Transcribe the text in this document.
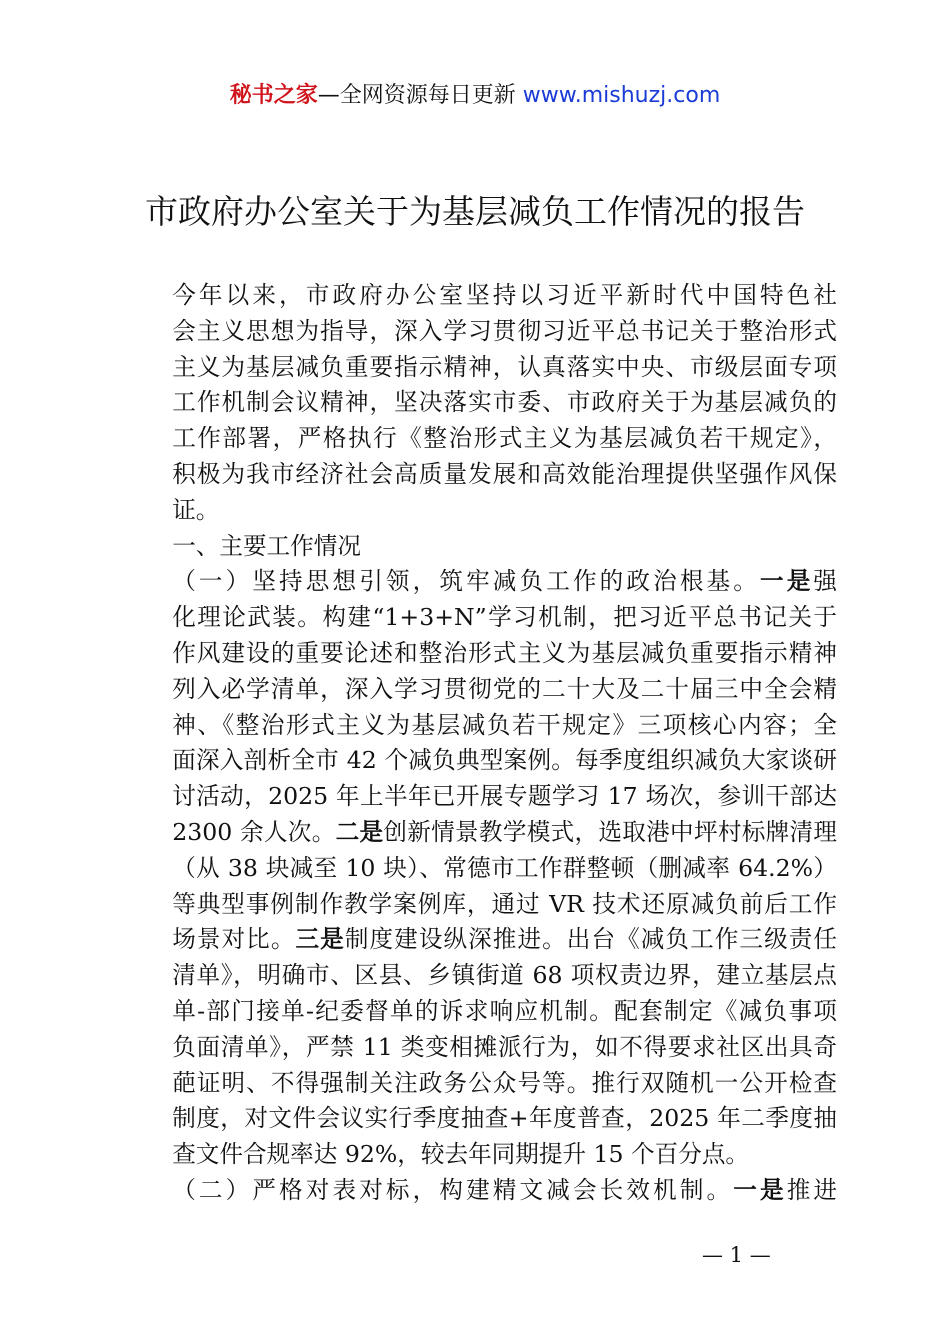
秘书之家—全网资源每日更新 www.mishuzj.com
市政府办公室关于为基层减负工作情况的报告

今年以来，市政府办公室坚持以习近平新时代中国特色社
会主义思想为指导，深入学习贯彻习近平总书记关于整治形式
主义为基层减负重要指示精神，认真落实中央、市级层面专项
工作机制会议精神，坚决落实市委、市政府关于为基层减负的
工作部署，严格执行《整治形式主义为基层减负若干规定》，
积极为我市经济社会高质量发展和高效能治理提供坚强作风保
证。

一、主要工作情况

（一）坚持思想引领，筑牢减负工作的政治根基。一是强
化理论武装。构建“1+3+N”学习机制，把习近平总书记关于
作风建设的重要论述和整治形式主义为基层减负重要指示精神
列入必学清单，深入学习贯彻党的二十大及二十届三中全会精
神、《整治形式主义为基层减负若干规定》三项核心内容；全
面深入剖析全市 42 个减负典型案例。每季度组织减负大家谈研
讨活动，2025 年上半年已开展专题学习 17 场次，参训干部达
2300 余人次。二是创新情景教学模式，选取港中坪村标牌清理
（从 38 块减至 10 块）、常德市工作群整顿（删减率 64.2%）
等典型事例制作教学案例库，通过 VR 技术还原减负前后工作
场景对比。三是制度建设纵深推进。出台《减负工作三级责任
清单》，明确市、区县、乡镇街道 68 项权责边界，建立基层点
单-部门接单-纪委督单的诉求响应机制。配套制定《减负事项
负面清单》，严禁 11 类变相摊派行为，如不得要求社区出具奇
葩证明、不得强制关注政务公众号等。推行双随机一公开检查
制度，对文件会议实行季度抽查+年度普查，2025 年二季度抽
查文件合规率达 92%，较去年同期提升 15 个百分点。

（二）严格对表对标，构建精文减会长效机制。一是推进

— 1 —
